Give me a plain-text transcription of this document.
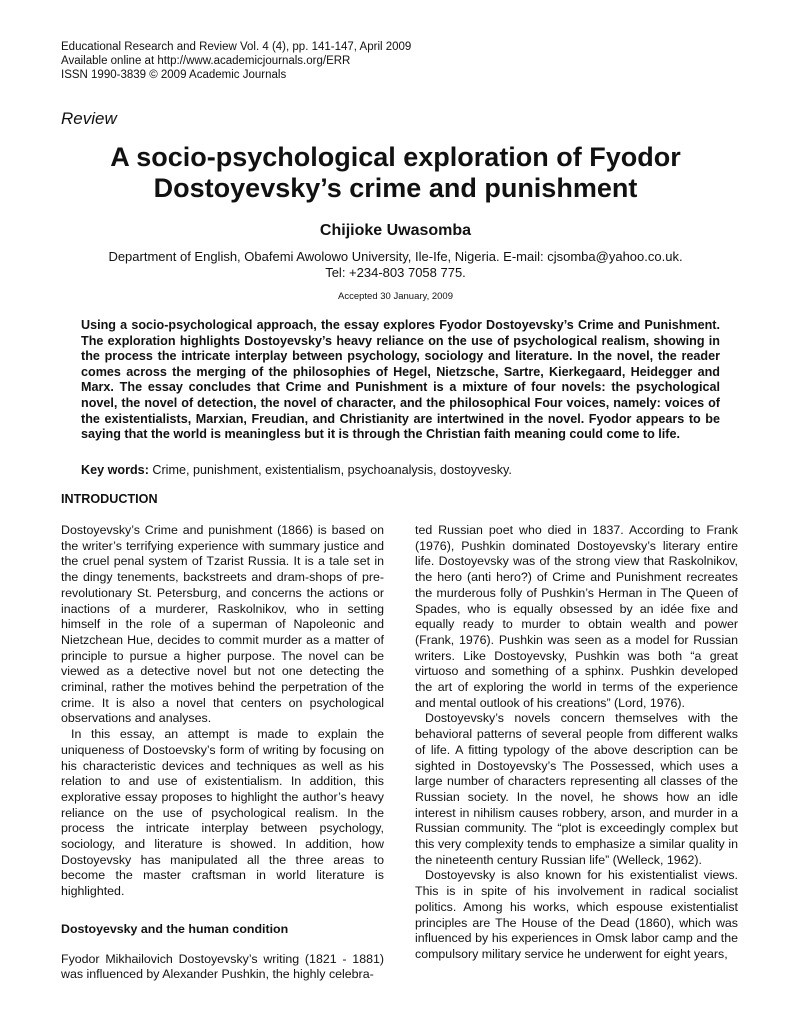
Educational Research and Review Vol. 4 (4), pp. 141-147, April 2009
Available online at http://www.academicjournals.org/ERR
ISSN 1990-3839 © 2009 Academic Journals
Review
A socio-psychological exploration of Fyodor
Dostoyevsky’s crime and punishment
Chijioke Uwasomba
Department of English, Obafemi Awolowo University, Ile-Ife, Nigeria. E-mail: cjsomba@yahoo.co.uk.
Tel: +234-803 7058 775.
Accepted 30 January, 2009
Using a socio-psychological approach, the essay explores Fyodor Dostoyevsky’s Crime and Punishment. The exploration highlights Dostoyevsky’s heavy reliance on the use of psychological realism, showing in the process the intricate interplay between psychology, sociology and literature. In the novel, the reader comes across the merging of the philosophies of Hegel, Nietzsche, Sartre, Kierkegaard, Heidegger and Marx. The essay concludes that Crime and Punishment is a mixture of four novels: the psychological novel, the novel of detection, the novel of character, and the philosophical Four voices, namely: voices of the existentialists, Marxian, Freudian, and Christianity are intertwined in the novel. Fyodor appears to be saying that the world is meaningless but it is through the Christian faith meaning could come to life.
Key words: Crime, punishment, existentialism, psychoanalysis, dostoyvesky.
INTRODUCTION

Dostoyevsky’s Crime and punishment (1866) is based on the writer’s terrifying experience with summary justice and the cruel penal system of Tzarist Russia. It is a tale set in the dingy tenements, backstreets and dram-shops of pre-revolutionary St. Petersburg, and concerns the actions or inactions of a murderer, Raskolnikov, who in setting himself in the role of a superman of Napoleonic and Nietzchean Hue, decides to commit murder as a matter of principle to pursue a higher purpose. The novel can be viewed as a detective novel but not one detecting the criminal, rather the motives behind the perpetration of the crime. It is also a novel that centers on psychological observations and analyses.

In this essay, an attempt is made to explain the uniqueness of Dostoevsky’s form of writing by focusing on his characteristic devices and techniques as well as his relation to and use of existentialism. In addition, this explorative essay proposes to highlight the author’s heavy reliance on the use of psychological realism. In the process the intricate interplay between psychology, sociology, and literature is showed. In addition, how Dostoyevsky has manipulated all the three areas to become the master craftsman in world literature is highlighted.

Dostoyevsky and the human condition

Fyodor Mikhailovich Dostoyevsky’s writing (1821 - 1881) was influenced by Alexander Pushkin, the highly celebra-

ted Russian poet who died in 1837. According to Frank (1976), Pushkin dominated Dostoyevsky’s literary entire life. Dostoyevsky was of the strong view that Raskolnikov, the hero (anti hero?) of Crime and Punishment recreates the murderous folly of Pushkin’s Herman in The Queen of Spades, who is equally obsessed by an idée fixe and equally ready to murder to obtain wealth and power (Frank, 1976). Pushkin was seen as a model for Russian writers. Like Dostoyevsky, Pushkin was both “a great virtuoso and something of a sphinx. Pushkin developed the art of exploring the world in terms of the experience and mental outlook of his creations” (Lord, 1976).

Dostoyevsky’s novels concern themselves with the behavioral patterns of several people from different walks of life. A fitting typology of the above description can be sighted in Dostoyevsky’s The Possessed, which uses a large number of characters representing all classes of the Russian society. In the novel, he shows how an idle interest in nihilism causes robbery, arson, and murder in a Russian community. The “plot is exceedingly complex but this very complexity tends to emphasize a similar quality in the nineteenth century Russian life” (Welleck, 1962).

Dostoyevsky is also known for his existentialist views. This is in spite of his involvement in radical socialist politics. Among his works, which espouse existentialist principles are The House of the Dead (1860), which was influenced by his experiences in Omsk labor camp and the compulsory military service he underwent for eight years,
